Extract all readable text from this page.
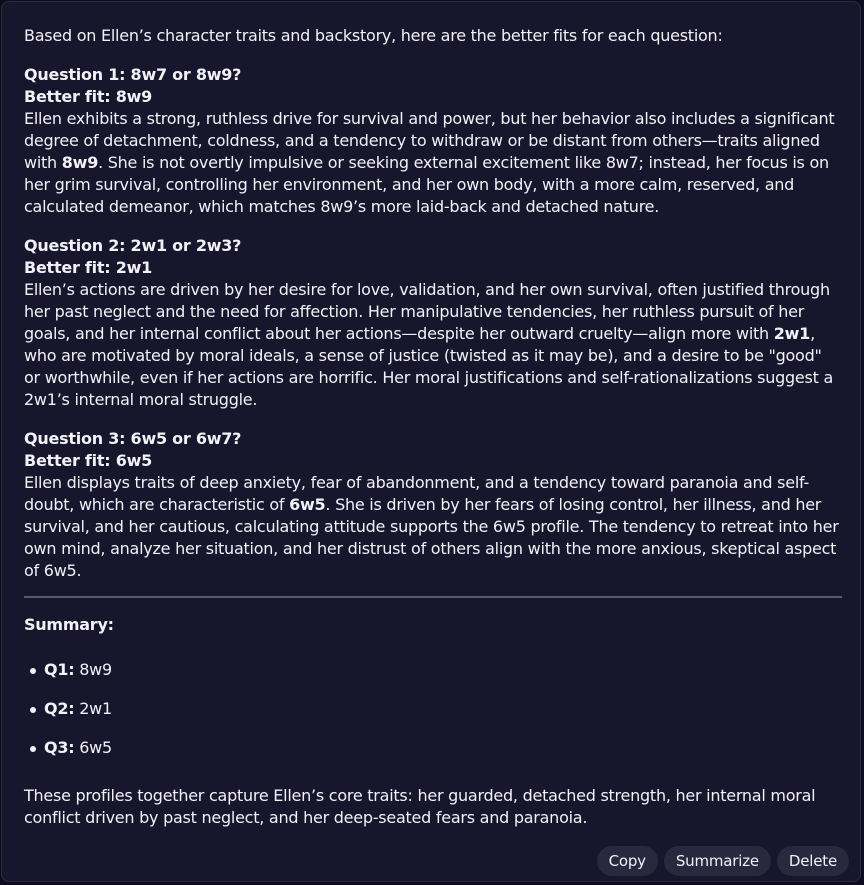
Based on Ellen’s character traits and backstory, here are the better fits for each question:

Question 1: 8w7 or 8w9?

Better fit: 8w9

Ellen exhibits a strong, ruthless drive for survival and power, but her behavior also includes a significant degree of detachment, coldness, and a tendency to withdraw or be distant from others—traits aligned with 8w9. She is not overtly impulsive or seeking external excitement like 8w7; instead, her focus is on her grim survival, controlling her environment, and her own body, with a more calm, reserved, and calculated demeanor, which matches 8w9’s more laid-back and detached nature.

Question 2: 2w1 or 2w3?

Better fit: 2w1

Ellen’s actions are driven by her desire for love, validation, and her own survival, often justified through her past neglect and the need for affection. Her manipulative tendencies, her ruthless pursuit of her goals, and her internal conflict about her actions—despite her outward cruelty—align more with 2w1, who are motivated by moral ideals, a sense of justice (twisted as it may be), and a desire to be "good" or worthwhile, even if her actions are horrific. Her moral justifications and self-rationalizations suggest a 2w1’s internal moral struggle.

Question 3: 6w5 or 6w7?

Better fit: 6w5

Ellen displays traits of deep anxiety, fear of abandonment, and a tendency toward paranoia and self-doubt, which are characteristic of 6w5. She is driven by her fears of losing control, her illness, and her survival, and her cautious, calculating attitude supports the 6w5 profile. The tendency to retreat into her own mind, analyze her situation, and her distrust of others align with the more anxious, skeptical aspect of 6w5.

Summary:

Q1: 8w9
Q2: 2w1
Q3: 6w5

These profiles together capture Ellen’s core traits: her guarded, detached strength, her internal moral conflict driven by past neglect, and her deep-seated fears and paranoia.

Copy	Summarize	Delete
